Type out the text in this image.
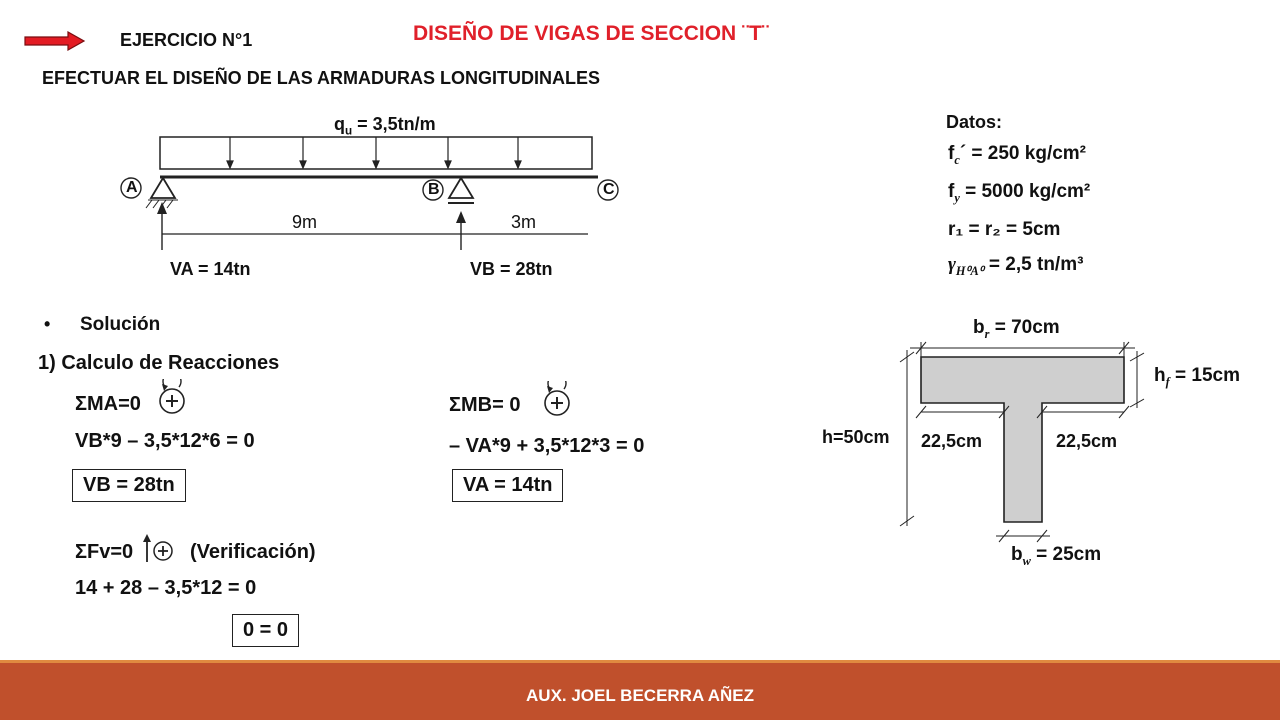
EJERCICIO N°1	DISEÑO DE VIGAS DE SECCION ¨T¨
EFECTUAR EL DISEÑO DE LAS ARMADURAS LONGITUDINALES
$q_u = 3,5tn/m$
A	B	C
9m	3m
VA = 14tn	VB = 28tn
Datos:
$f_c´ = 250$ kg/cm²
$f_y = 5000$ kg/cm²
r₁ = r₂ = 5cm
$\gamma_{H^0A^0} = 2,5$ tn/m³
• Solución
1) Calculo de Reacciones
ΣMA=0
VB*9 – 3,5*12*6 = 0
VB = 28tn
ΣMB= 0
– VA*9 + 3,5*12*3 = 0
VA = 14tn
ΣFv=0	(Verificación)
14 + 28 – 3,5*12 = 0
0 = 0
$b_r = 70cm$
$h_f = 15cm$
h=50cm 22,5cm	22,5cm
$b_w = 25cm$
AUX. JOEL BECERRA AÑEZ
